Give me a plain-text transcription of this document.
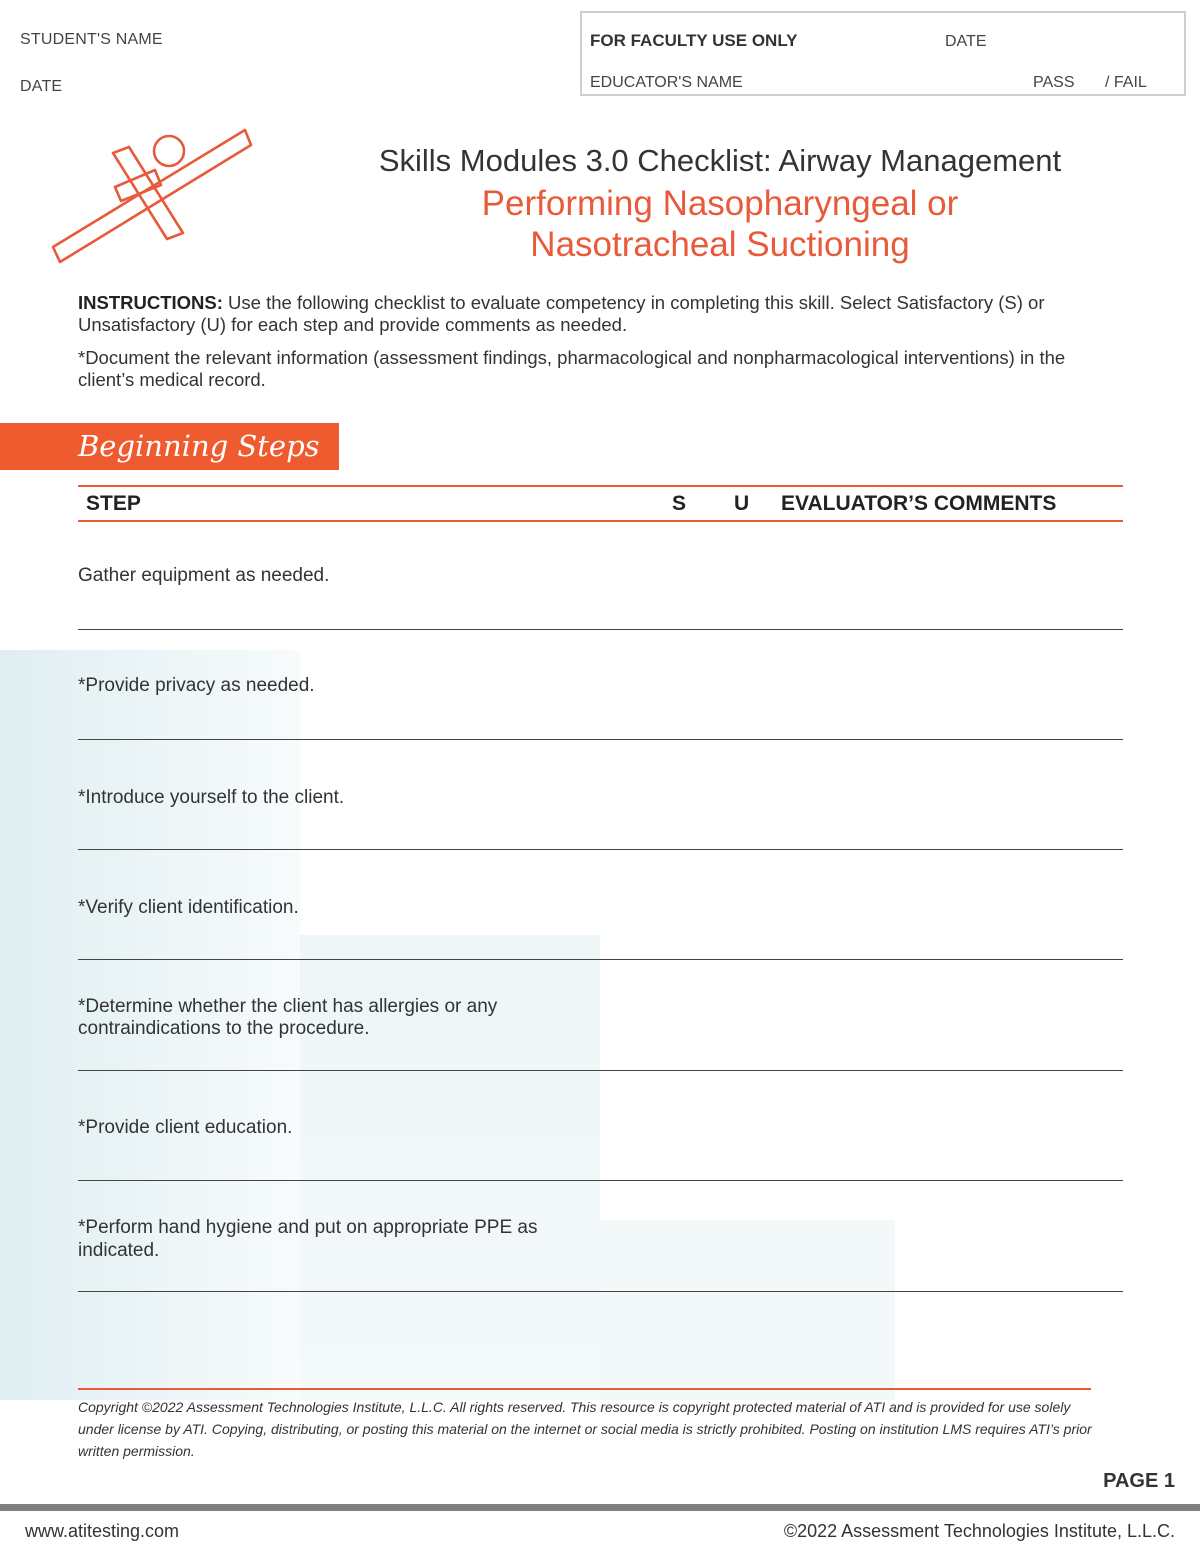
STUDENT'S NAME
DATE
FOR FACULTY USE ONLY	DATE
EDUCATOR'S NAME	PASS / FAIL
Skills Modules 3.0 Checklist: Airway Management
Performing Nasopharyngeal or
Nasotracheal Suctioning
INSTRUCTIONS: Use the following checklist to evaluate competency in completing this skill. Select Satisfactory (S) or Unsatisfactory (U) for each step and provide comments as needed.
*Document the relevant information (assessment findings, pharmacological and nonpharmacological interventions) in the client’s medical record.
Beginning Steps
STEP	S U EVALUATOR’S COMMENTS
Gather equipment as needed.
*Provide privacy as needed.
*Introduce yourself to the client.
*Verify client identification.
*Determine whether the client has allergies or any contraindications to the procedure.
*Provide client education.
*Perform hand hygiene and put on appropriate PPE as indicated.
Copyright ©2022 Assessment Technologies Institute, L.L.C. All rights reserved. This resource is copyright protected material of ATI and is provided for use solely under license by ATI. Copying, distributing, or posting this material on the internet or social media is strictly prohibited. Posting on institution LMS requires ATI’s prior written permission.
PAGE 1
www.atitesting.com	©2022 Assessment Technologies Institute, L.L.C.
